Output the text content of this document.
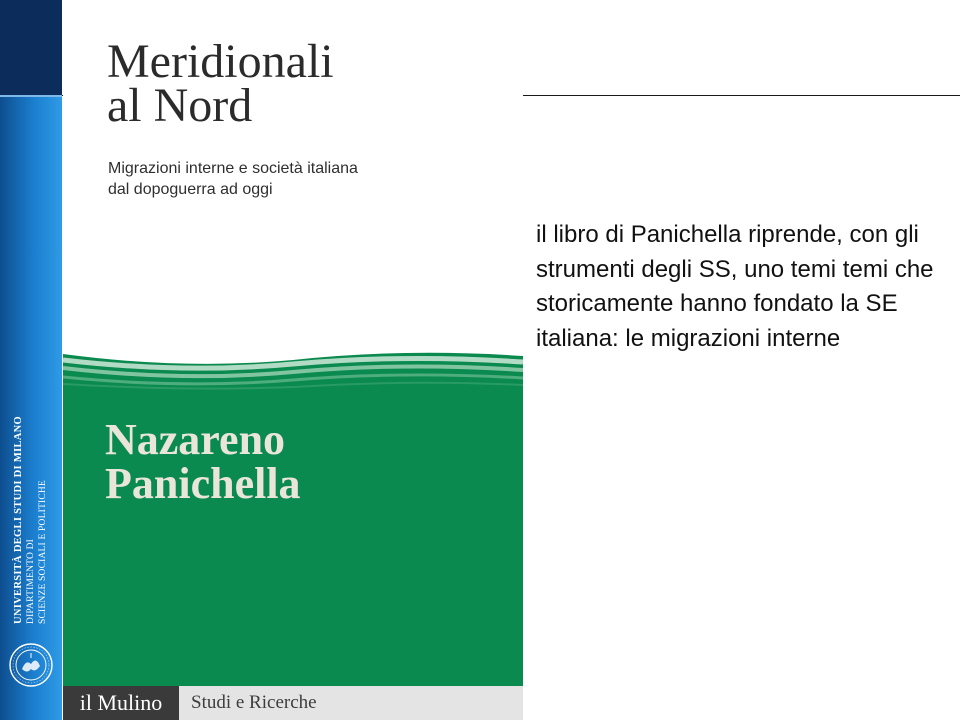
UNIVERSITÀ DEGLI STUDI DI MILANO DIPARTIMENTO DI SCIENZE SOCIALI E POLITICHE
Meridionali
al Nord

Migrazioni interne e società italiana
dal dopoguerra ad oggi

Nazareno
Panichella
il Mulino	Studi e Ricerche

il libro di Panichella riprende, con gli strumenti degli SS, uno temi temi che storicamente hanno fondato la SE italiana: le migrazioni interne
